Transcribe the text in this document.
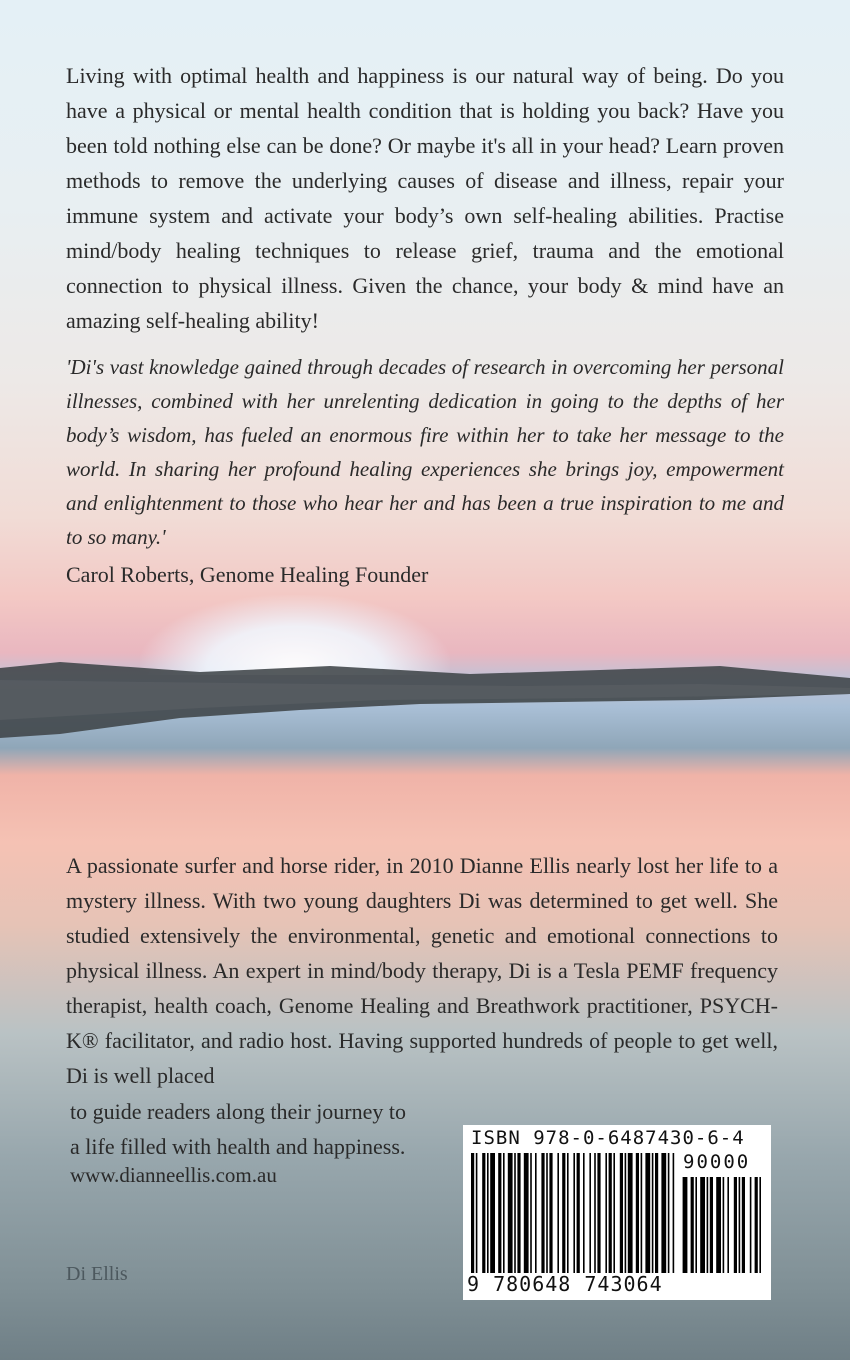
Living with optimal health and happiness is our natural way of being. Do you have a physical or mental health condition that is holding you back? Have you been told nothing else can be done? Or maybe it's all in your head? Learn proven methods to remove the underlying causes of disease and illness, repair your immune system and activate your body’s own self-healing abilities. Practise mind/body healing techniques to release grief, trauma and the emotional connection to physical illness. Given the chance, your body & mind have an amazing self-healing ability!

'Di's vast knowledge gained through decades of research in overcoming her personal illnesses, combined with her unrelenting dedication in going to the depths of her body’s wisdom, has fueled an enormous fire within her to take her message to the world. In sharing her profound healing experiences she brings joy, empowerment and enlightenment to those who hear her and has been a true inspiration to me and to so many.'

Carol Roberts, Genome Healing Founder

A passionate surfer and horse rider, in 2010 Dianne Ellis nearly lost her life to a mystery illness. With two young daughters Di was determined to get well. She studied extensively the environmental, genetic and emotional connections to physical illness. An expert in mind/body therapy, Di is a Tesla PEMF frequency therapist, health coach, Genome Healing and Breathwork practitioner, PSYCH-K® facilitator, and radio host. Having supported hundreds of people to get well, Di is well placed

to guide readers along their journey to

a life filled with health and happiness.

www.dianneellis.com.au

Di Ellis

ISBN 978-0-6487430-6-4

90000

9 780648 743064
